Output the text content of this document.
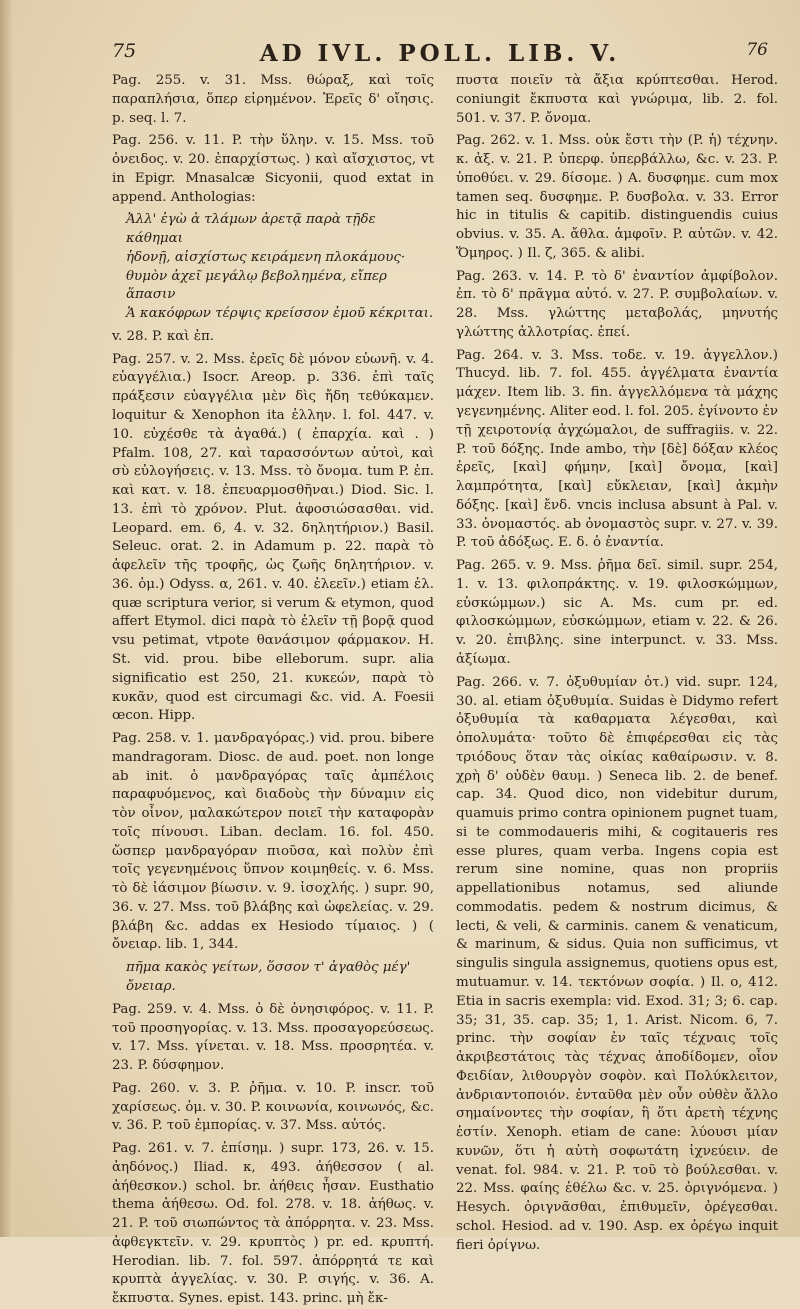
75	AD IVL. POLL. LIB. V.	76

Pag. 255. v. 31. Mss. θώραξ, καὶ τοῖς παραπλήσια, ὅπερ εἰρημένον. Ἐρεῖς δ' οἴησις. p. seq. l. 7.

Pag. 256. v. 11. P. τὴν ὕλην. v. 15. Mss. τοῦ ὀνειδος. v. 20. ἐπαρχίστως. ) καὶ αἴσχιστος, vt in Epigr. Mnasalcæ Sicyonii, quod extat in append. Anthologias:

Ἀλλ' ἐγὼ ἀ τλάμων ἀρετᾷ παρὰ τῇδε κάθημαι
ἡδονῇ, αἰσχίστως κειράμενη πλοκάμους·
θυμὸν ἀχεῖ μεγάλῳ βεβολημένα, εἴπερ ἅπασιν
Ἁ κακόφρων τέρψις κρείσσον ἐμοῦ κέκριται.

v. 28. P. καὶ ἐπ.

Pag. 257. v. 2. Mss. ἐρεῖς δὲ μόνον εὐωνῆ. v. 4. εὐαγγέλια.) Isocr. Areop. p. 336. ἐπὶ ταῖς πράξεσιν εὐαγγέλια μὲν δὶς ἤδη τεθύκαμεν. loquitur & Xenophon ita ἐλλην. l. fol. 447. v. 10. εὐχέσθε τὰ ἀγαθά.) ( ἐπαρχία. καὶ . ) Pfalm. 108, 27. καὶ ταρασσόντων αὐτοὶ, καὶ σὺ εὐλογήσεις. v. 13. Mss. τὸ ὄνομα. tum P. ἐπ. καὶ κατ. v. 18. ἐπευαρμοσθῆναι.) Diod. Sic. l. 13. ἐπὶ τὸ χρόνον. Plut. ἀφοσιώσασθαι. vid. Leopard. em. 6, 4. v. 32. δηλητήριον.) Basil. Seleuc. orat. 2. in Adamum p. 22. παρὰ τὸ ἀφελεῖν τῆς τροφῆς, ὡς ζωῆς δηλητήριον. v. 36. ὁμ.) Odyss. α, 261. v. 40. ἐλεεῖν.) etiam ἐλ. quæ scriptura verior, si verum & etymon, quod affert Etymol. dici παρὰ τὸ ἐλεῖν τῇ βορᾷ quod vsu petimat, vtpote θανάσιμον φάρμακον. H. St. vid. prou. bibe elleborum. supr. alia significatio est 250, 21. κυκεών, παρὰ τὸ κυκᾶν, quod est circumagi &c. vid. A. Foesii œcon. Hipp.

Pag. 258. v. 1. μανδραγόρας.) vid. prou. bibere mandragoram. Diosc. de aud. poet. non longe ab init. ὁ μανδραγόρας ταῖς ἀμπέλοις παραφυόμενος, καὶ διαδοὺς τὴν δύναμιν εἰς τὸν οἶνον, μαλακώτερον ποιεῖ τὴν καταφορὰν τοῖς πίνουσι. Liban. declam. 16. fol. 450. ὥσπερ μανδραγόραν πιοῦσα, καὶ πολὺν ἐπὶ τοῖς γεγενημένοις ὕπνον κοιμηθείς. v. 6. Mss. τὸ δὲ ἰάσιμον βίωσιν. v. 9. ἰσοχλής. ) supr. 90, 36. v. 27. Mss. τοῦ βλάβης καὶ ὠφελείας. v. 29. βλάβη &c. addas ex Hesiodo τίμαιος. ) ( ὄνειαρ. lib. 1, 344.

πῆμα κακὸς γείτων, ὅσσον τ' ἀγαθὸς μέγ' ὄνειαρ.

Pag. 259. v. 4. Mss. ὁ δὲ ὀνησιφόρος. v. 11. P. τοῦ προσηγορίας. v. 13. Mss. προσαγορεύσεως. v. 17. Mss. γίνεται. v. 18. Mss. προσρητέα. v. 23. P. δύσφημον.

Pag. 260. v. 3. P. ῥῆμα. v. 10. P. inscr. τοῦ χαρίσεως. ὁμ. v. 30. P. κοινωνία, κοινωνός, &c. v. 36. P. τοῦ ἐμπορίας. v. 37. Mss. αὐτός.

Pag. 261. v. 7. ἐπίσημ. ) supr. 173, 26. v. 15. ἀηδόνος.) Iliad. κ, 493. ἀήθεσσον ( al. ἀήθεσκον.) schol. br. ἀήθεις ἦσαν. Eusthatio thema ἀήθεσω. Od. fol. 278. v. 18. ἀήθως. v. 21. P. τοῦ σιωπώντος τὰ ἀπόρρητα. v. 23. Mss. ἀφθεγκτεῖν. v. 29. κρυπτὸς ) pr. ed. κρυπτή. Herodian. lib. 7. fol. 597. ἀπόρρητά τε καὶ κρυπτὰ ἀγγελίας. v. 30. P. σιγής. v. 36. A. ἔκπυστα. Synes. epist. 143. princ. μὴ ἔκ-

πυστα ποιεῖν τὰ ἄξια κρύπτεσθαι. Herod. coniungit ἔκπυστα καὶ γνώριμα, lib. 2. fol. 501. v. 37. P. ὄνομα.

Pag. 262. v. 1. Mss. οὐκ ἔστι τὴν (P. ἡ) τέχνην. κ. ἀξ. v. 21. P. ὑπερφ. ὑπερβάλλω, &c. v. 23. P. ὑποθύει. v. 29. δίσομε. ) A. δυσφημε. cum mox tamen seq. δυσφημε. P. δυσβολα. v. 33. Error hic in titulis & capitib. distinguendis cuius obvius. v. 35. A. ἄθλα. ἀμφοῖν. P. αὐτῶν. v. 42. Ὅμηρος. ) Il. ζ, 365. & alibi.

Pag. 263. v. 14. P. τὸ δ' ἐναντίον ἀμφίβολον. ἐπ. τὸ δ' πρᾶγμα αὐτό. v. 27. P. συμβολαίων. v. 28. Mss. γλώττης μεταβολάς, μηνυτής γλώττης ἀλλοτρίας. ἐπεί.

Pag. 264. v. 3. Mss. τοδε. v. 19. ἀγγελλον.) Thucyd. lib. 7. fol. 455. ἀγγέλματα ἐναντία μάχεν. Item lib. 3. fin. ἀγγελλόμενα τὰ μάχης γεγενημένης. Aliter eod. l. fol. 205. ἐγίνοντο ἐν τῇ χειροτονίᾳ ἀγχώμαλοι, de suffragiis. v. 22. P. τοῦ δόξης. Inde ambo, τὴν [δὲ] δόξαν κλέος ἐρεῖς, [καὶ] φήμην, [καὶ] ὄνομα, [καὶ] λαμπρότητα, [καὶ] εὔκλειαν, [καὶ] ἀκμὴν δόξης. [καὶ] ἔνδ. vncis inclusa absunt à Pal. v. 33. ὀνομαστός. ab ὀνομαστὸς supr. v. 27. v. 39. P. τοῦ ἀδόξως. Ε. δ. ὁ ἐναντία.

Pag. 265. v. 9. Mss. ῥῆμα δεῖ. simil. supr. 254, 1. v. 13. φιλοπράκτης. v. 19. φιλοσκώμμων, εὐσκώμμων.) sic A. Ms. cum pr. ed. φιλοσκώμμων, εὐσκώμμων, etiam v. 22. & 26. v. 20. ἐπιβλης. sine interpunct. v. 33. Mss. ἀξίωμα.

Pag. 266. v. 7. ὀξυθυμίαν ὁτ.) vid. supr. 124, 30. al. etiam ὀξυθυμία. Suidas è Didymo refert ὀξυθυμία τὰ καθαρματα λέγεσθαι, καὶ ὀπολυμάτα· τοῦτο δὲ ἐπιφέρεσθαι εἰς τὰς τριόδους ὅταν τὰς οἰκίας καθαίρωσιν. v. 8. χρὴ δ' οὐδὲν θαυμ. ) Seneca lib. 2. de benef. cap. 34. Quod dico, non videbitur durum, quamuis primo contra opinionem pugnet tuam, si te commodaueris mihi, & cogitaueris res esse plures, quam verba. Ingens copia est rerum sine nomine, quas non propriis appellationibus notamus, sed aliunde commodatis. pedem & nostrum dicimus, & lecti, & veli, & carminis. canem & venaticum, & marinum, & sidus. Quia non sufficimus, vt singulis singula assignemus, quotiens opus est, mutuamur. v. 14. τεκτόνων σοφία. ) Il. ο, 412. Etia in sacris exempla: vid. Exod. 31; 3; 6. cap. 35; 31, 35. cap. 35; 1, 1. Arist. Nicom. 6, 7. princ. τὴν σοφίαν ἐν ταῖς τέχναις τοῖς ἀκριβεστάτοις τὰς τέχνας ἀποδίδομεν, οἷον Φειδίαν, λιθουργὸν σοφὸν. καὶ Πολύκλειτον, ἀνδριαντοποιόν. ἐνταῦθα μὲν οὖν οὐθὲν ἄλλο σημαίνοντες τὴν σοφίαν, ἢ ὅτι ἀρετὴ τέχνης ἐστίν. Xenoph. etiam de cane: λύουσι μίαν κυνῶν, ὅτι ἡ αὐτὴ σοφωτάτη ἰχνεύειν. de venat. fol. 984. v. 21. P. τοῦ τὸ βούλεσθαι. v. 22. Mss. φαίης ἐθέλω &c. v. 25. ὀριγνόμενα. ) Hesych. ὀριγνᾶσθαι, ἐπιθυμεῖν, ὀρέγεσθαι. schol. Hesiod. ad v. 190. Asp. ex ὀρέγω inquit fieri ὀρίγνω.
